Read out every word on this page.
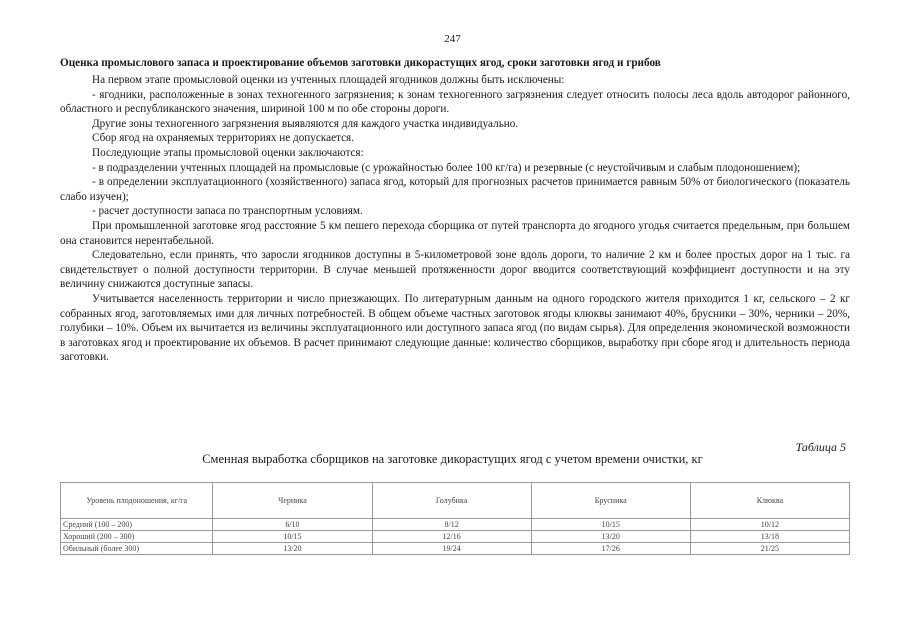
247
Оценка промыслового запаса и проектирование объемов заготовки дикорастущих ягод, сроки заготовки ягод и грибов

На первом этапе промысловой оценки из учтенных площадей ягодников должны быть исключены:

- ягодники, расположенные в зонах техногенного загрязнения; к зонам техногенного загрязнения следует относить полосы леса вдоль автодорог районного, областного и республиканского значения, шириной 100 м по обе стороны дороги.

Другие зоны техногенного загрязнения выявляются для каждого участка индивидуально.

Сбор ягод на охраняемых территориях не допускается.

Последующие этапы промысловой оценки заключаются:

- в подразделении учтенных площадей на промысловые (с урожайностью более 100 кг/га) и резервные (с неустойчивым и слабым плодоношением);

- в определении эксплуатационного (хозяйственного) запаса ягод, который для прогнозных расчетов принимается равным 50% от биологического (показатель слабо изучен);

- расчет доступности запаса по транспортным условиям.

При промышленной заготовке ягод расстояние 5 км пешего перехода сборщика от путей транспорта до ягодного угодья считается предельным, при большем она становится нерентабельной.

Следовательно, если принять, что заросли ягодников доступны в 5-километровой зоне вдоль дороги, то наличие 2 км и более простых дорог на 1 тыс. га свидетельствует о полной доступности территории. В случае меньшей протяженности дорог вводится соответствующий коэффициент доступности и на эту величину снижаются доступные запасы.

Учитывается населенность территории и число приезжающих. По литературным данным на одного городского жителя приходится 1 кг, сельского – 2 кг собранных ягод, заготовляемых ими для личных потребностей. В общем объеме частных заготовок ягоды клюквы занимают 40%, брусники – 30%, черники – 20%, голубики – 10%. Объем их вычитается из величины эксплуатационного или доступного запаса ягод (по видам сырья). Для определения экономической возможности в заготовках ягод и проектирование их объемов. В расчет принимают следующие данные: количество сборщиков, выработку при сборе ягод и длительность периода заготовки.

Таблица 5
Сменная выработка сборщиков на заготовке дикорастущих ягод с учетом времени очистки, кг
Уровень плодоношения, кг/га	Черника	Голубика	Брусника	Клюква
Средний (100 – 200)	6/10	8/12	10/15	10/12
Хороший (200 – 300)	10/15	12/16	13/20	13/18
Обильный (более 300)	13/20	19/24	17/26	21/25
